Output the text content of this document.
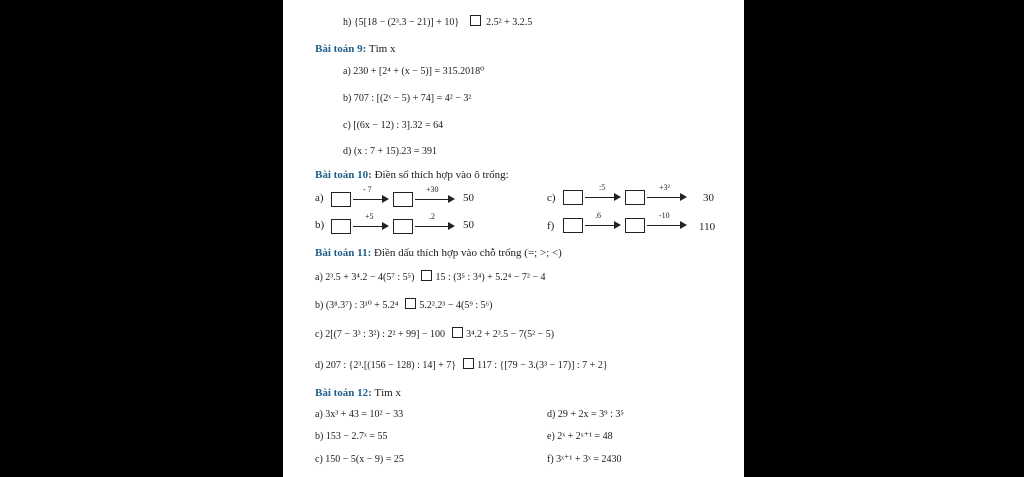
h) {5[18 − (2³.3 − 21)] + 10}	2.5² + 3.2.5
Bài toán 9: Tìm x
a) 230 + [2⁴ + (x − 5)] = 315.2018⁰
b) 707 : [(2ˣ − 5) + 74] = 4² − 3²
c) [(6x − 12) : 3].32 = 64
d) (x : 7 + 15).23 = 391
Bài toán 10: Điền số thích hợp vào ô trống:
a)
- 7	+30
50
b)
+5	.2
50
c)
:5	+3²
30
f)
.6	-10
110
Bài toán 11: Điền dấu thích hợp vào chỗ trống (=; >; <)
a) 2³.5 + 3⁴.2 − 4(5⁷ : 5⁵) 15 : (3⁵ : 3⁴) + 5.2⁴ − 7² − 4
b) (3⁸.3⁷) : 3¹⁰ + 5.2⁴ 5.2².2³ − 4(5⁹ : 5⁶)
c) 2[(7 − 3³ : 3²) : 2² + 99] − 100 3⁴.2 + 2³.5 − 7(5² − 5)
d) 207 : {2³.[(156 − 128) : 14] + 7} 117 : {[79 − 3.(3³ − 17)] : 7 + 2}
Bài toán 12: Tìm x
a) 3x³ + 43 = 10² − 33
b) 153 − 2.7ˣ = 55
c) 150 − 5(x − 9) = 25
d) 29 + 2x = 3⁹ : 3⁵
e) 2ˣ + 2ˣ⁺¹ = 48
f) 3ˣ⁺¹ + 3ˣ = 2430
